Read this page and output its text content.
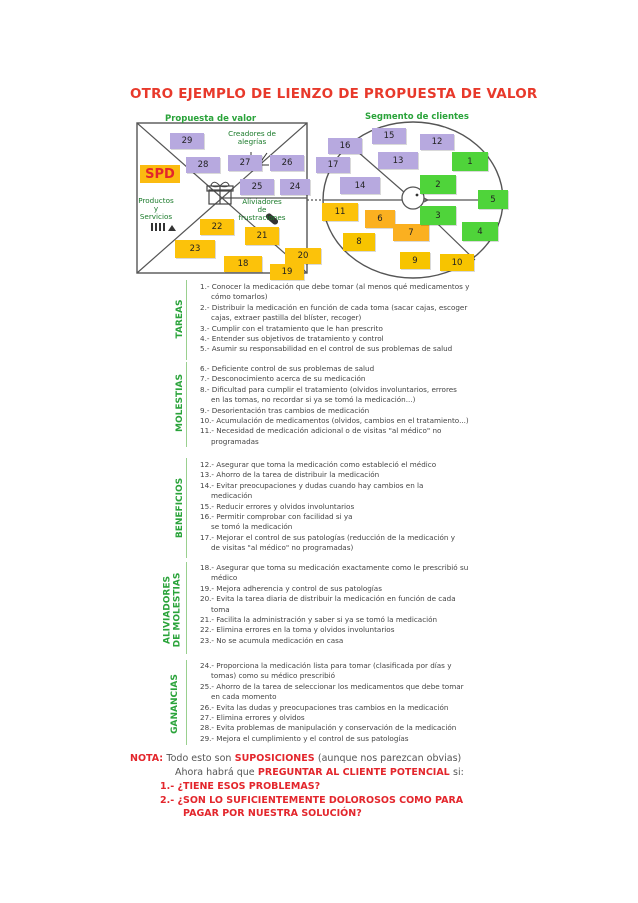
OTRO EJEMPLO DE LIENZO DE PROPUESTA DE VALOR
Propuesta de valor	Segmento de clientes
Creadores de alegrías
Aliviadores de frustraciones
Productos y Servicios
SPD
29
28	27	26
25	24
22
21
23
20
18
19
15
16	12
17	13
14
11
6
7
8
9	10
1
2
5
3
4
TAREAS
1.- Conocer la medicación que debe tomar (al menos qué medicamentos y
cómo tomarlos)
2.- Distribuir la medicación en función de cada toma (sacar cajas, escoger
cajas, extraer pastilla del blíster, recoger)
3.- Cumplir con el tratamiento que le han prescrito
4.- Entender sus objetivos de tratamiento y control
5.- Asumir su responsabilidad en el control de sus problemas de salud
MOLESTIAS
6.- Deficiente control de sus problemas de salud
7.- Desconocimiento acerca de su medicación
8.- Dificultad para cumplir el tratamiento (olvidos involuntarios, errores
en las tomas, no recordar si ya se tomó la medicación...)
9.- Desorientación tras cambios de medicación
10.- Acumulación de medicamentos (olvidos, cambios en el tratamiento...)
11.- Necesidad de medicación adicional o de visitas "al médico" no
programadas
BENEFICIOS
12.- Asegurar que toma la medicación como estableció el médico
13.- Ahorro de la tarea de distribuir la medicación
14.- Evitar preocupaciones y dudas cuando hay cambios en la
medicación
15.- Reducir errores y olvidos involuntarios
16.- Permitir comprobar con facilidad si ya
se tomó la medicación
17.- Mejorar el control de sus patologías (reducción de la medicación y
de visitas "al médico" no programadas)
ALIVIADORES DE MOLESTIAS
18.- Asegurar que toma su medicación exactamente como le prescribió su
médico
19.- Mejora adherencia y control de sus patologías
20.- Evita la tarea diaria de distribuir la medicación en función de cada
toma
21.- Facilita la administración y saber si ya se tomó la medicación
22.- Elimina errores en la toma y olvidos involuntarios
23.- No se acumula medicación en casa
GANANCIAS
24.- Proporciona la medicación lista para tomar (clasificada por días y
tomas) como su médico prescribió
25.- Ahorro de la tarea de seleccionar los medicamentos que debe tomar
en cada momento
26.- Evita las dudas y preocupaciones tras cambios en la medicación
27.- Elimina errores y olvidos
28.- Evita problemas de manipulación y conservación de la medicación
29.- Mejora el cumplimiento y el control de sus patologías
NOTA: Todo esto son SUPOSICIONES (aunque nos parezcan obvias)
Ahora habrá que PREGUNTAR AL CLIENTE POTENCIAL si:
1.- ¿TIENE ESOS PROBLEMAS?
2.- ¿SON LO SUFICIENTEMENTE DOLOROSOS COMO PARA
PAGAR POR NUESTRA SOLUCIÓN?
